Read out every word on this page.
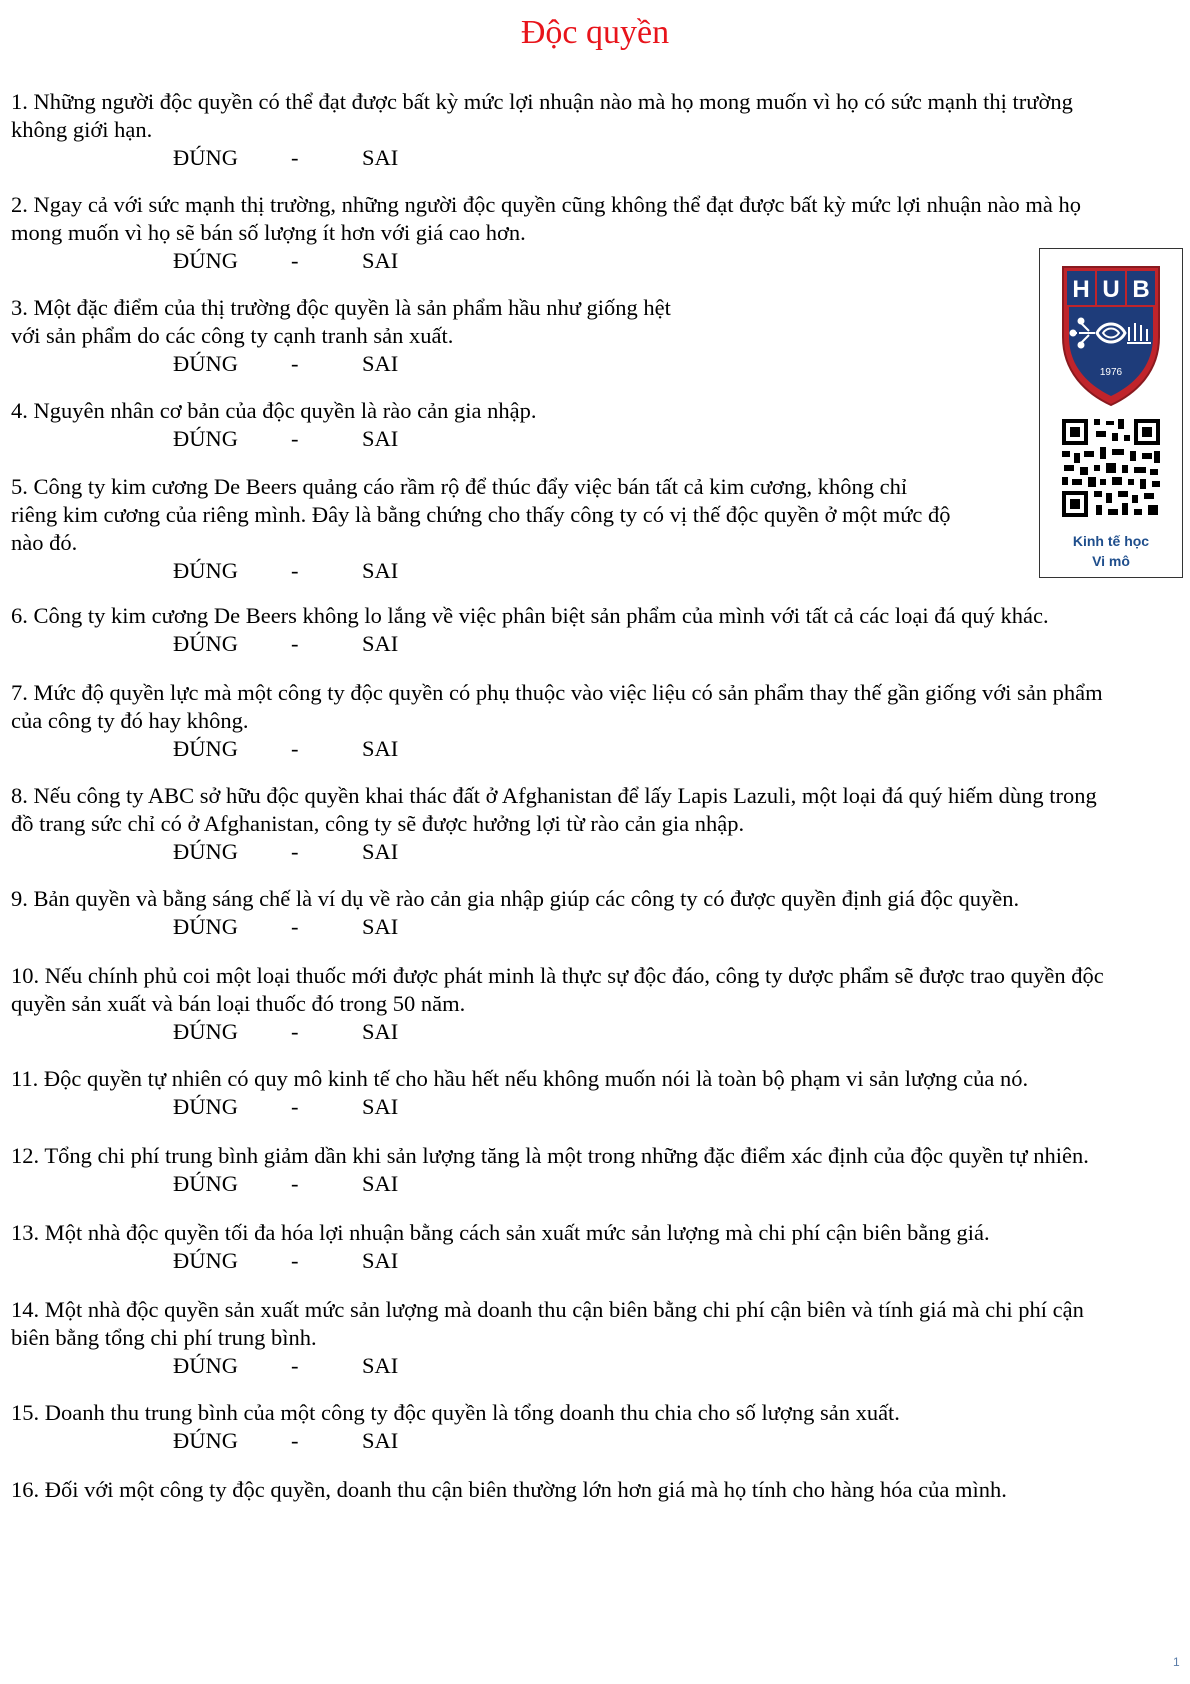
Độc quyền
1. Những người độc quyền có thể đạt được bất kỳ mức lợi nhuận nào mà họ mong muốn vì họ có sức mạnh thị trường
không giới hạn.
ĐÚNG -	SAI
2. Ngay cả với sức mạnh thị trường, những người độc quyền cũng không thể đạt được bất kỳ mức lợi nhuận nào mà họ
mong muốn vì họ sẽ bán số lượng ít hơn với giá cao hơn.
ĐÚNG -	SAI
3. Một đặc điểm của thị trường độc quyền là sản phẩm hầu như giống hệt
với sản phẩm do các công ty cạnh tranh sản xuất.
ĐÚNG -	SAI
4. Nguyên nhân cơ bản của độc quyền là rào cản gia nhập.
ĐÚNG -	SAI
5. Công ty kim cương De Beers quảng cáo rầm rộ để thúc đẩy việc bán tất cả kim cương, không chỉ
riêng kim cương của riêng mình. Đây là bằng chứng cho thấy công ty có vị thế độc quyền ở một mức độ
nào đó.
ĐÚNG -	SAI
6. Công ty kim cương De Beers không lo lắng về việc phân biệt sản phẩm của mình với tất cả các loại đá quý khác.
ĐÚNG -	SAI
7. Mức độ quyền lực mà một công ty độc quyền có phụ thuộc vào việc liệu có sản phẩm thay thế gần giống với sản phẩm
của công ty đó hay không.
ĐÚNG -	SAI
8. Nếu công ty ABC sở hữu độc quyền khai thác đất ở Afghanistan để lấy Lapis Lazuli, một loại đá quý hiếm dùng trong
đồ trang sức chỉ có ở Afghanistan, công ty sẽ được hưởng lợi từ rào cản gia nhập.
ĐÚNG -	SAI
9. Bản quyền và bằng sáng chế là ví dụ về rào cản gia nhập giúp các công ty có được quyền định giá độc quyền.
ĐÚNG -	SAI
10. Nếu chính phủ coi một loại thuốc mới được phát minh là thực sự độc đáo, công ty dược phẩm sẽ được trao quyền độc
quyền sản xuất và bán loại thuốc đó trong 50 năm.
ĐÚNG -	SAI
11. Độc quyền tự nhiên có quy mô kinh tế cho hầu hết nếu không muốn nói là toàn bộ phạm vi sản lượng của nó.
ĐÚNG -	SAI
12. Tổng chi phí trung bình giảm dần khi sản lượng tăng là một trong những đặc điểm xác định của độc quyền tự nhiên.
ĐÚNG -	SAI
13. Một nhà độc quyền tối đa hóa lợi nhuận bằng cách sản xuất mức sản lượng mà chi phí cận biên bằng giá.
ĐÚNG -	SAI
14. Một nhà độc quyền sản xuất mức sản lượng mà doanh thu cận biên bằng chi phí cận biên và tính giá mà chi phí cận
biên bằng tổng chi phí trung bình.
ĐÚNG -	SAI
15. Doanh thu trung bình của một công ty độc quyền là tổng doanh thu chia cho số lượng sản xuất.
ĐÚNG -	SAI
16. Đối với một công ty độc quyền, doanh thu cận biên thường lớn hơn giá mà họ tính cho hàng hóa của mình.
H U B
1976
Kinh tế học
Vi mô
1
